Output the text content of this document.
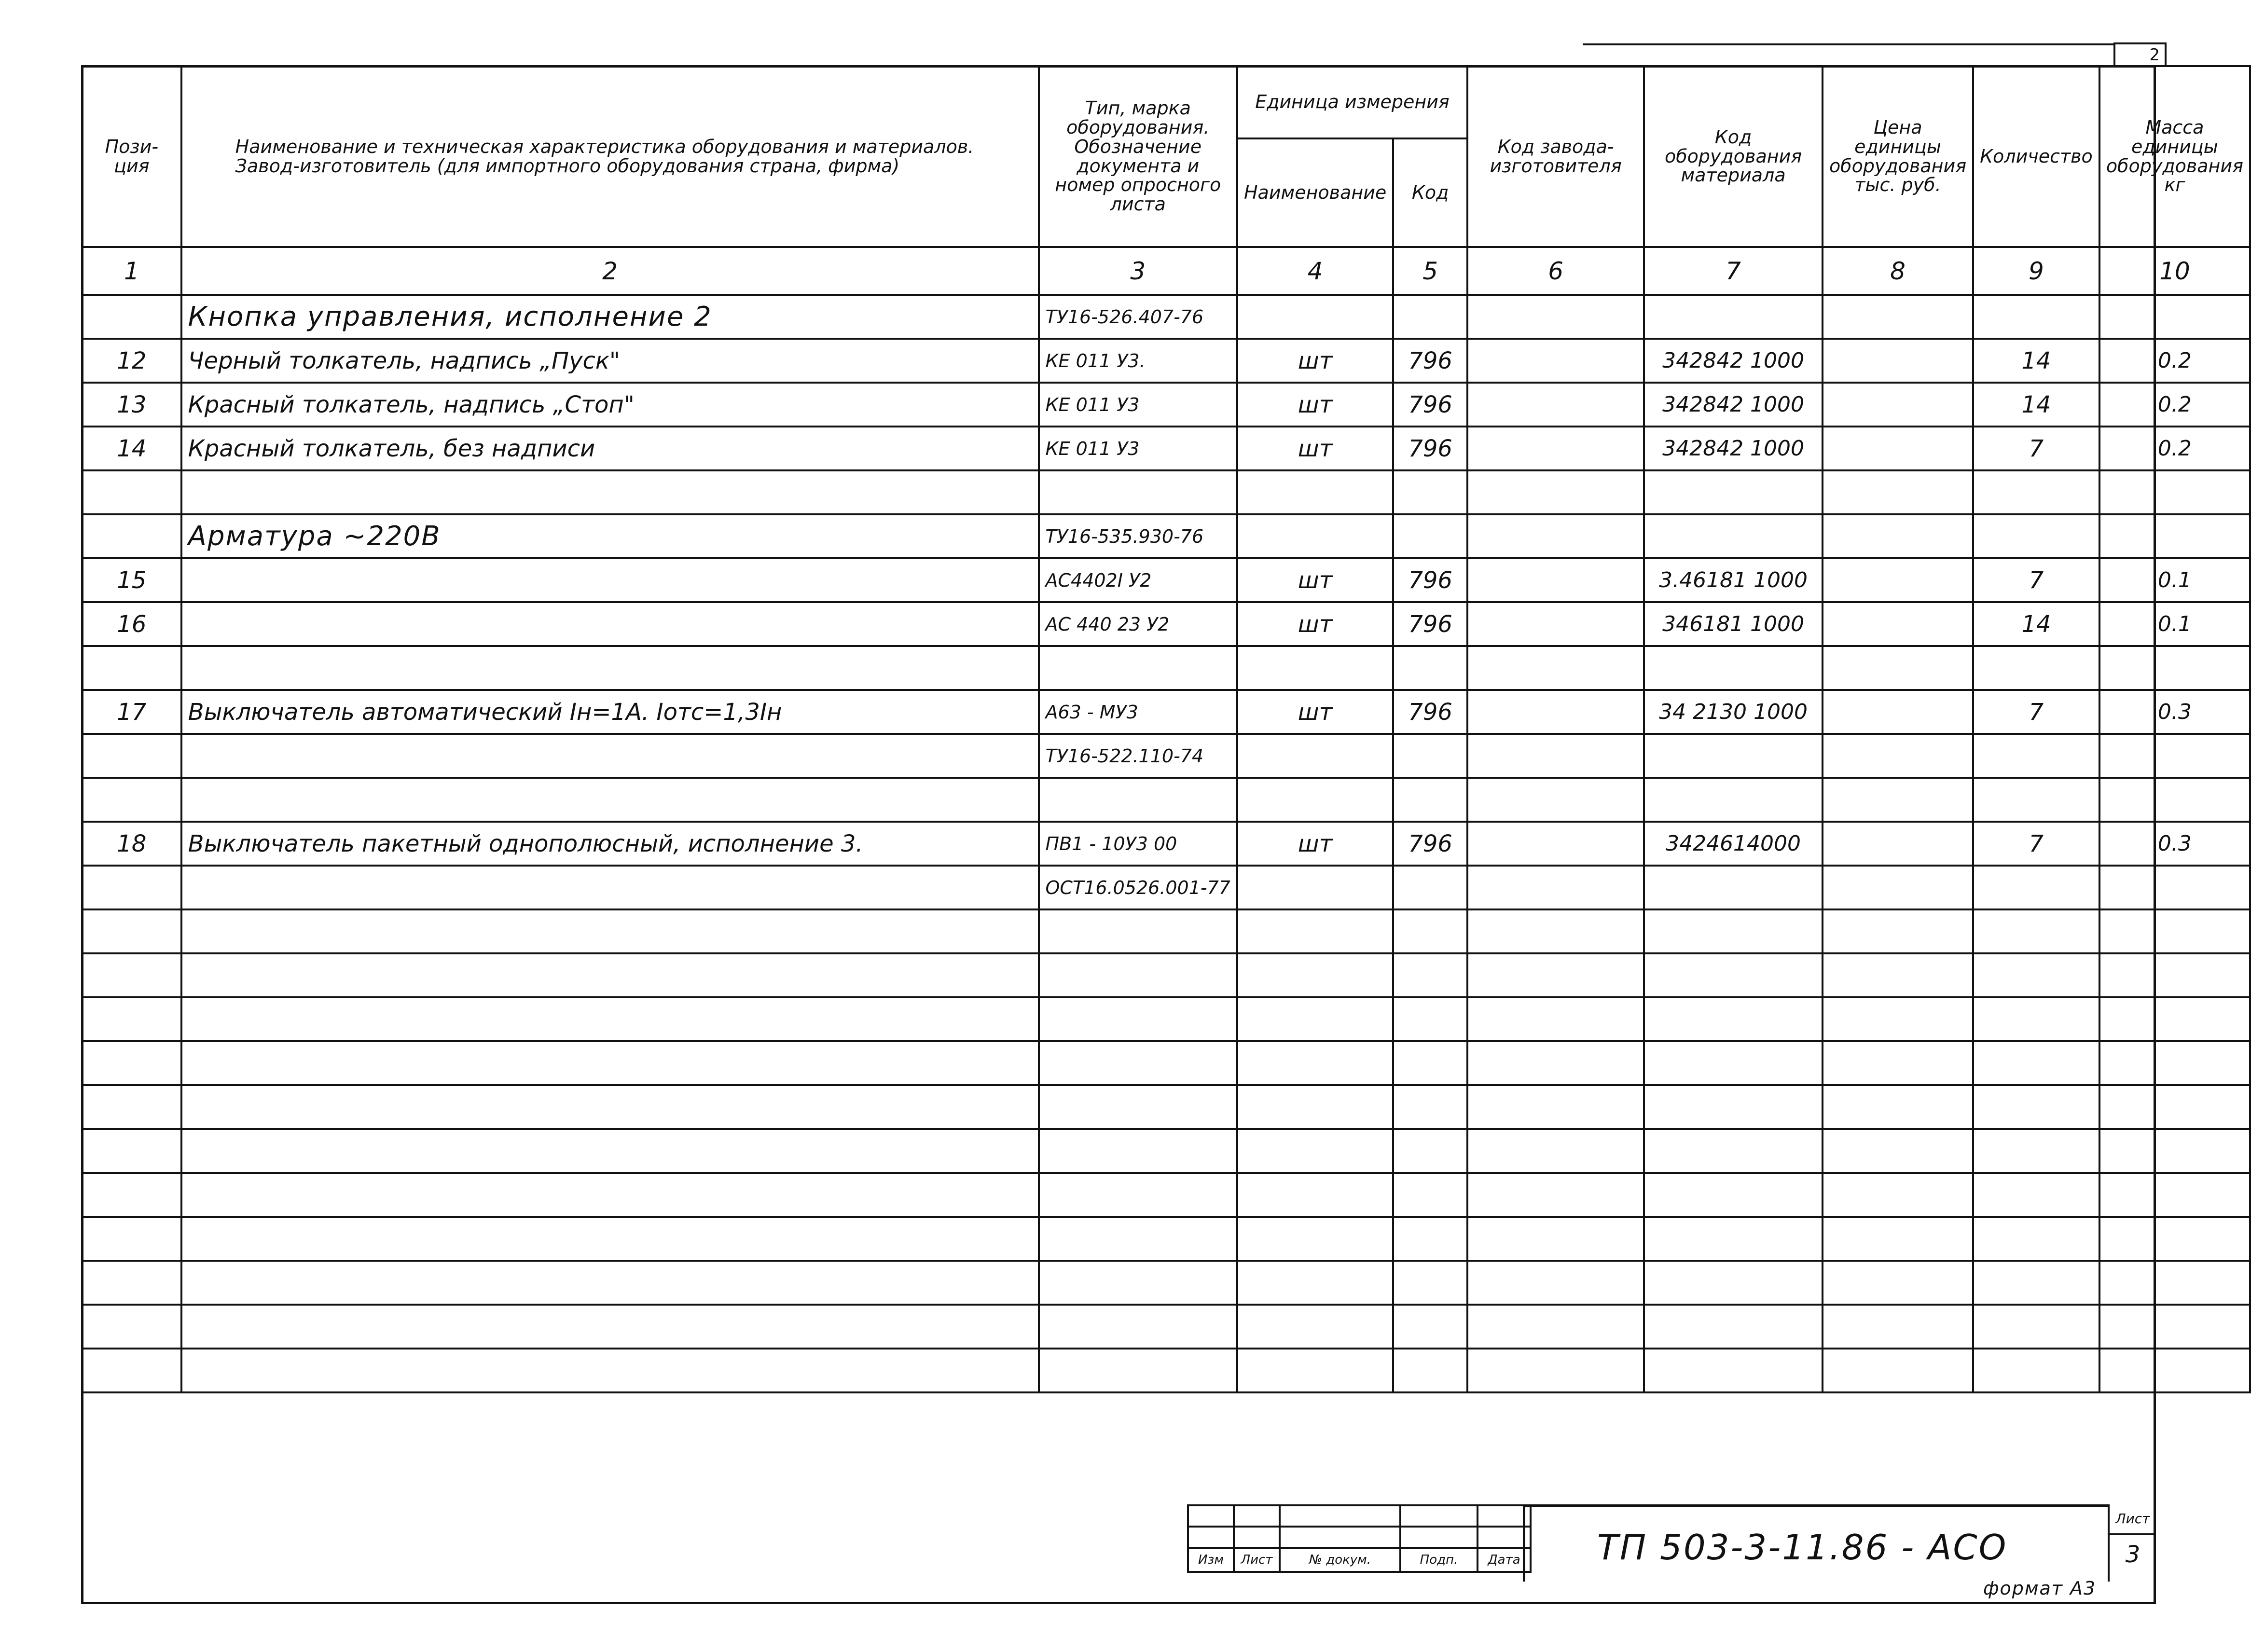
2
Пози-ция	Наименование и техническая характеристика оборудования и материалов. Завод-изготовитель (для импортного оборудования страна, фирма)	Тип, марка оборудования. Обозначение документа и номер опросного листа	Единица измерения		Код завода-изготовителя	Код оборудования материала	Цена единицы оборудования тыс. руб.	Количество	Масса единицы оборудования кг
			Наименование	Код					
1	2	3	4	5	6	7	8	9	10
	Кнопка управления, исполнение 2	ТУ16-526.407-76							
12	Черный толкатель, надпись „Пуск"	КЕ 011 У3.	шт	796		342842 1000		14	0.2
13	Красный толкатель, надпись „Стоп"	КЕ 011 У3	шт	796		342842 1000		14	0.2
14	Красный толкатель, без надписи	КЕ 011 У3	шт	796		342842 1000		7	0.2

	Арматура ~220В	ТУ16-535.930-76							
15		АС4402I У2	шт	796		3.46181 1000		7	0.1
16		АС 440 23 У2	шт	796		346181 1000		14	0.1

17	Выключатель автоматический Iн=1А. Iотс=1,3Iн	А63 - МУ3	шт	796		34 2130 1000		7	0.3
		ТУ16-522.110-74							

18	Выключатель пакетный однополюсный, исполнение 3.	ПВ1 - 10У3 00	шт	796		3424614000		7	0.3
		ОСТ16.0526.001-77							

Изм	Лист	№ докум.	Подп.	Дата ТП 503-3-11.86 - АСО
Лист
3
формат А3
